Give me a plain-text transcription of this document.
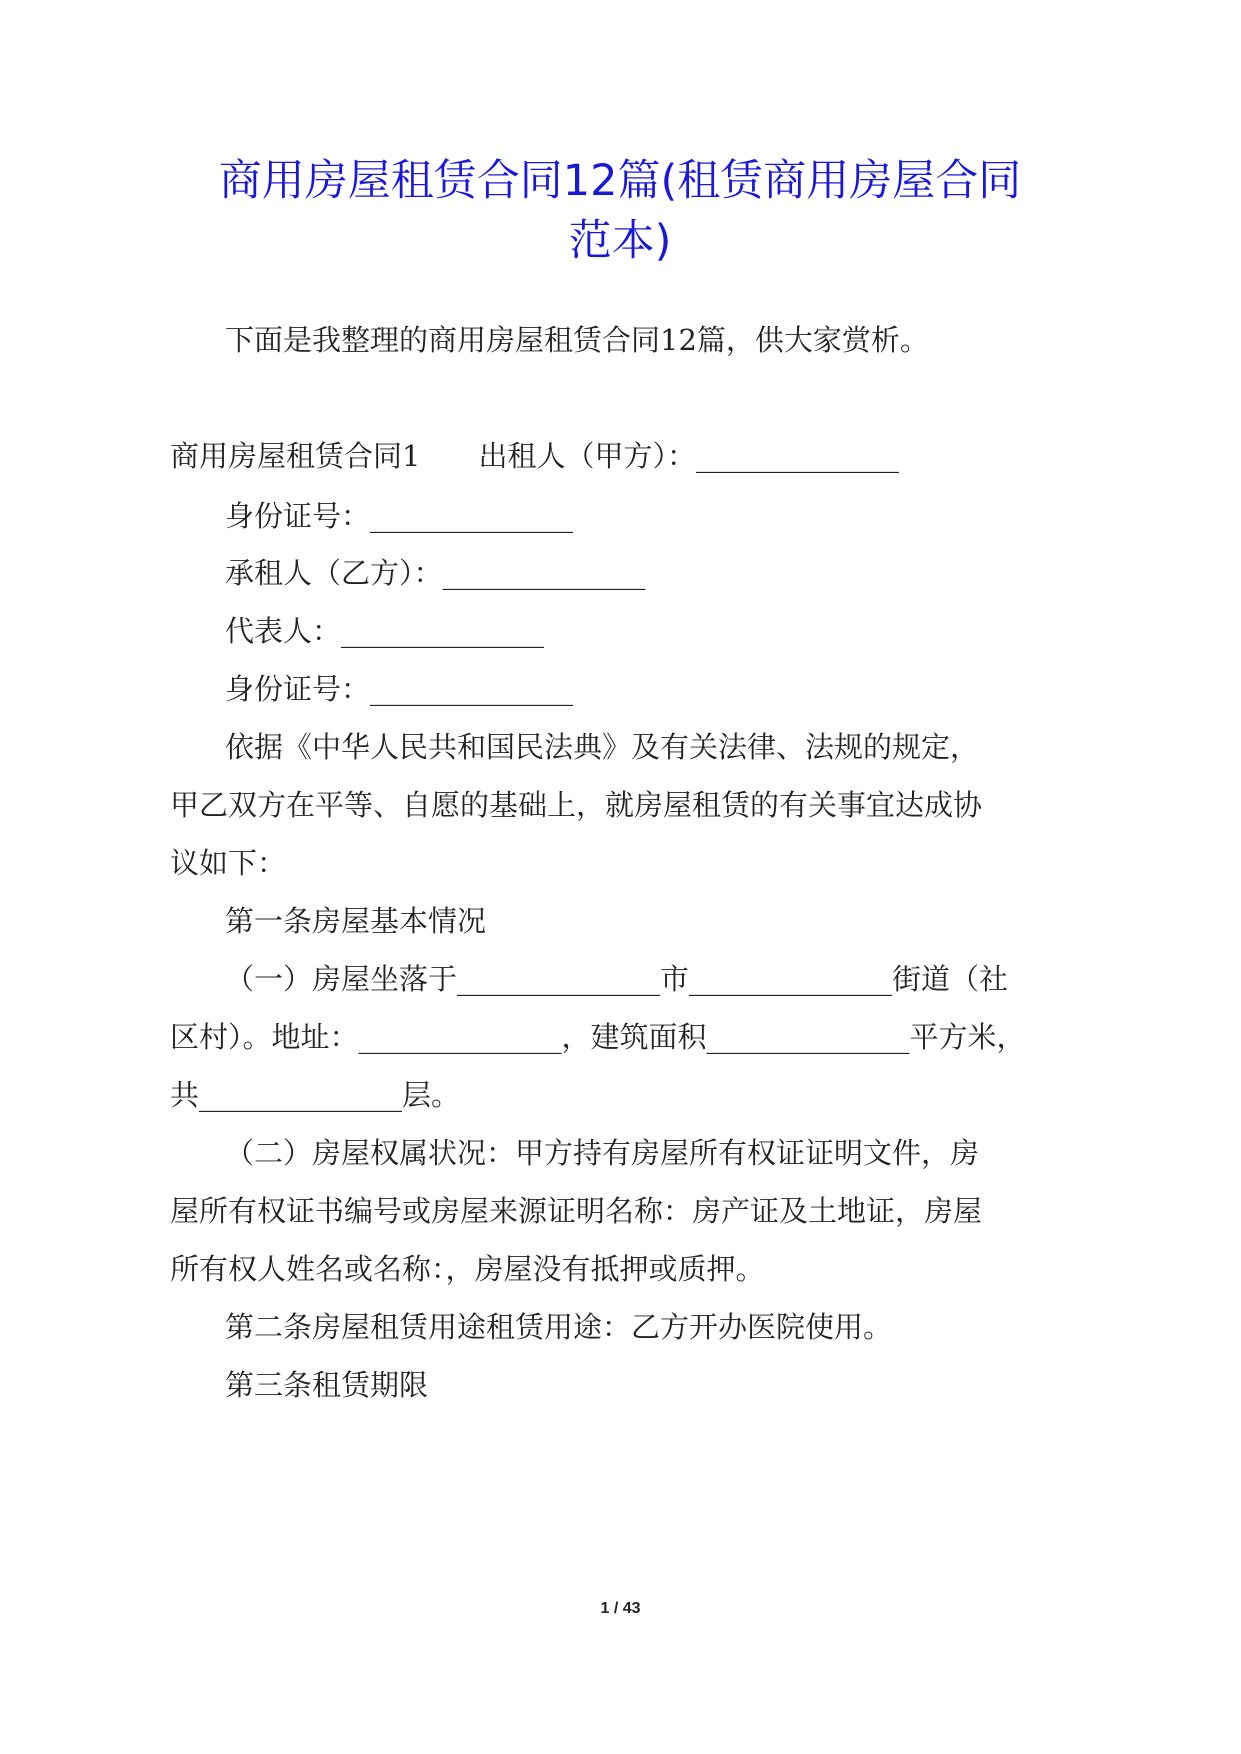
商用房屋租赁合同12篇(租赁商用房屋合同
范本)

下面是我整理的商用房屋租赁合同12篇，供大家赏析。

商用房屋租赁合同1　　出租人（甲方）：______________

身份证号：______________

承租人（乙方）：______________

代表人：______________

身份证号：______________

依据《中华人民共和国民法典》及有关法律、法规的规定，

甲乙双方在平等、自愿的基础上，就房屋租赁的有关事宜达成协

议如下：

第一条房屋基本情况

（一）房屋坐落于______________市______________街道（社

区村）。地址：______________，建筑面积______________平方米，

共______________层。

（二）房屋权属状况：甲方持有房屋所有权证证明文件，房

屋所有权证书编号或房屋来源证明名称：房产证及土地证，房屋

所有权人姓名或名称：，房屋没有抵押或质押。

第二条房屋租赁用途租赁用途：乙方开办医院使用。

第三条租赁期限

1 / 43
